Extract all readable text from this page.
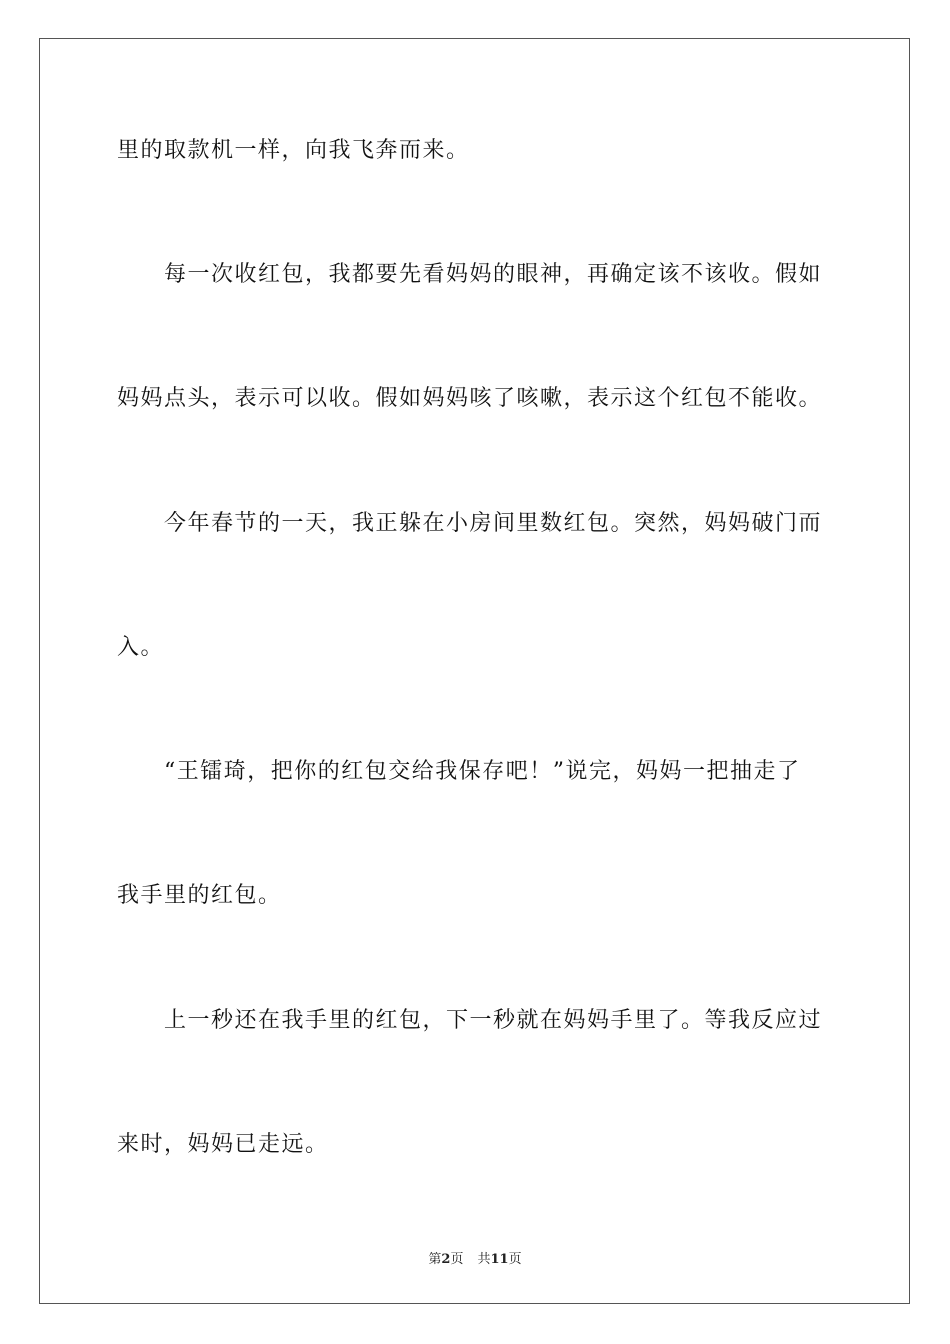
里的取款机一样，向我飞奔而来。
　　每一次收红包，我都要先看妈妈的眼神，再确定该不该收。假如
妈妈点头，表示可以收。假如妈妈咳了咳嗽，表示这个红包不能收。
　　今年春节的一天，我正躲在小房间里数红包。突然，妈妈破门而
入。
　　“王镭琦，把你的红包交给我保存吧！”说完，妈妈一把抽走了
我手里的红包。
　　上一秒还在我手里的红包，下一秒就在妈妈手里了。等我反应过
来时，妈妈已走远。
第2页 共11页
